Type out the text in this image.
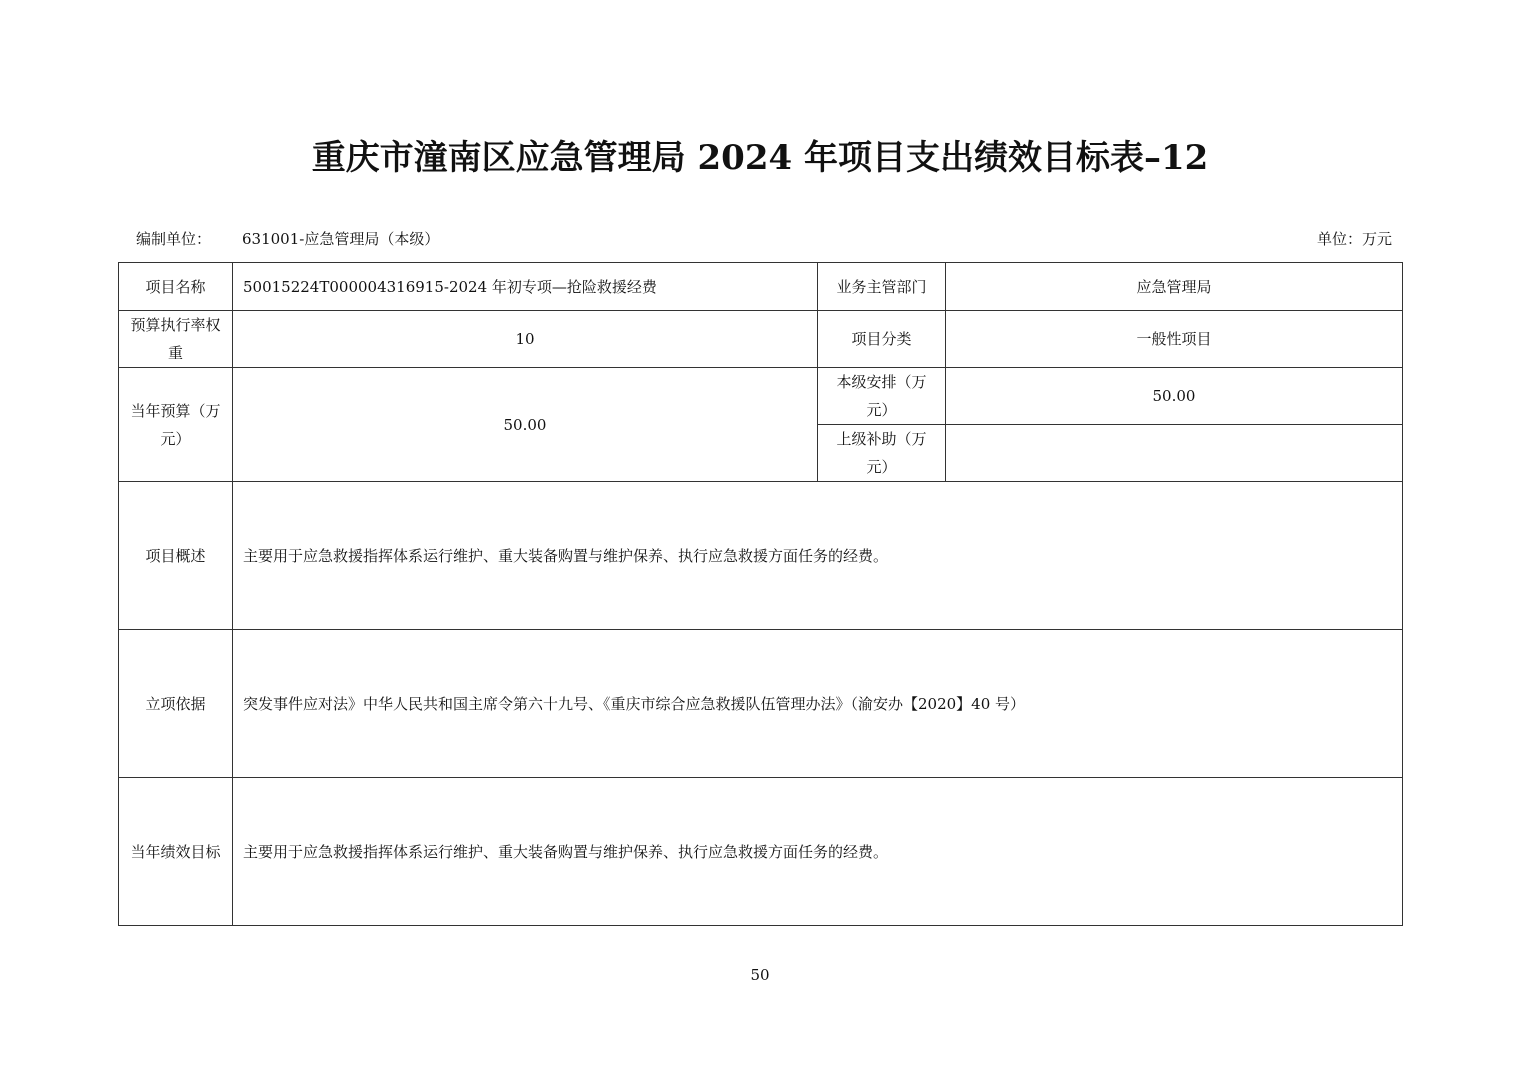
重庆市潼南区应急管理局 2024 年项目支出绩效目标表–12
编制单位： 631001-应急管理局（本级）	单位：万元
项目名称	50015224T000004316915-2024 年初专项—抢险救援经费	业务主管部门	应急管理局
预算执行率权重	10	项目分类	一般性项目
当年预算（万元）	50.00	本级安排（万元）	50.00
		上级补助（万元）	
项目概述	主要用于应急救援指挥体系运行维护、重大装备购置与维护保养、执行应急救援方面任务的经费。		
立项依据	突发事件应对法》中华人民共和国主席令第六十九号、《重庆市综合应急救援队伍管理办法》（渝安办【2020】40 号）		
当年绩效目标	主要用于应急救援指挥体系运行维护、重大装备购置与维护保养、执行应急救援方面任务的经费。		
50
